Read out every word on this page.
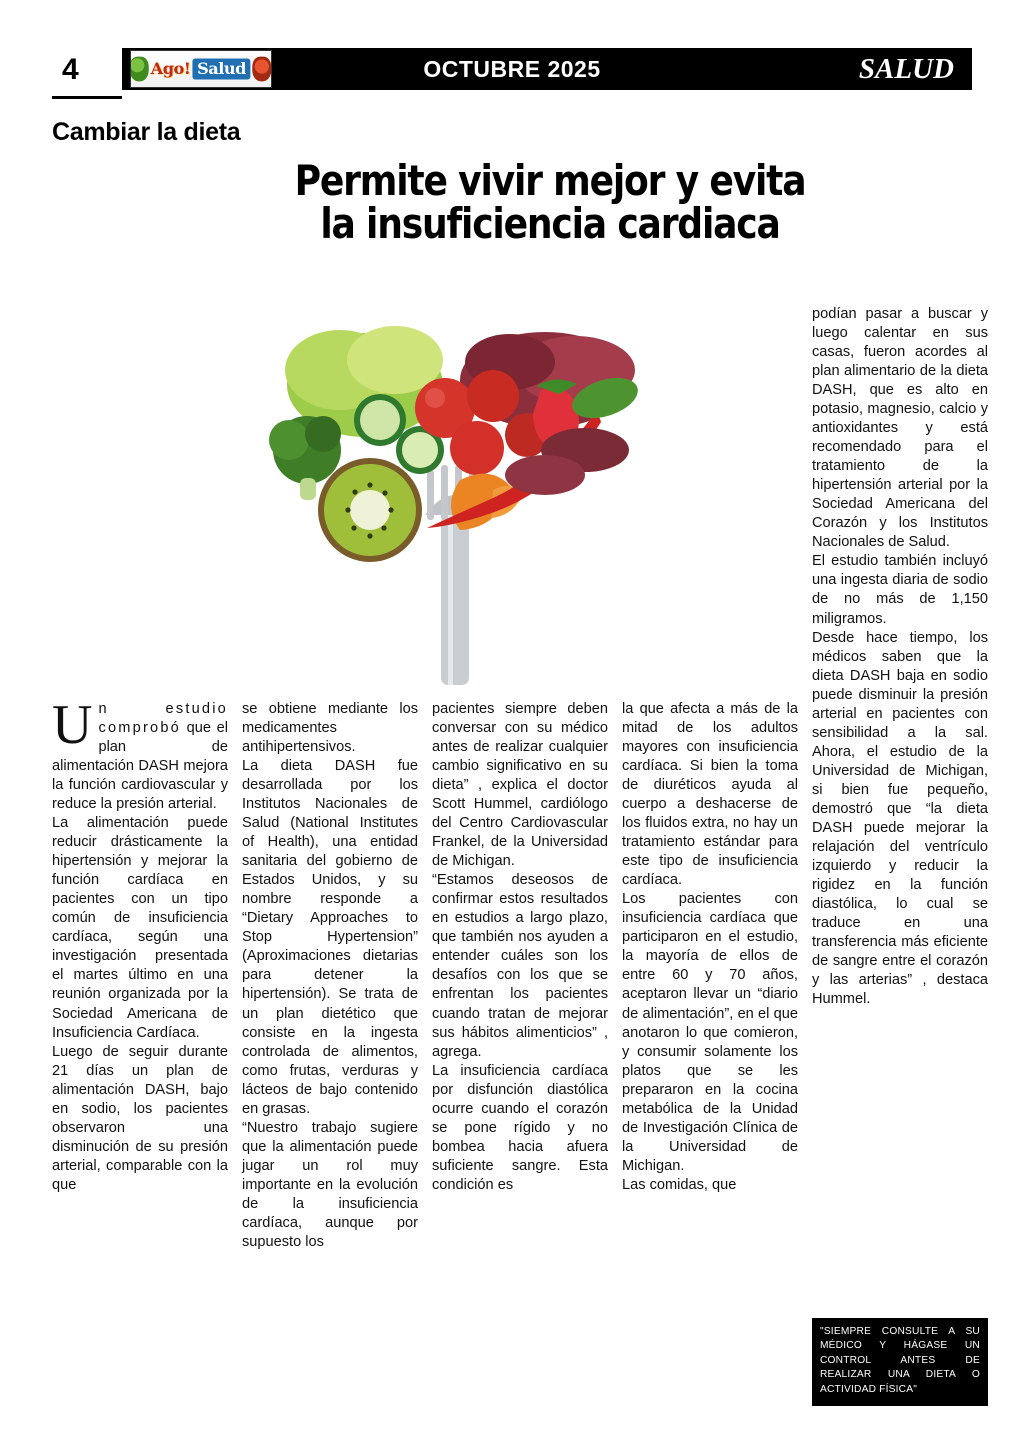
OCTUBRE 2025	SALUD
4	Ago! Salud
Cambiar la dieta
Permite vivir mejor y evita
la insuficiencia cardiaca
Un estudio comprobó que el plan de alimentación DASH mejora la función cardiovascular y reduce la presión arterial.
La alimentación puede reducir drásticamente la hipertensión y mejorar la función cardíaca en pacientes con un tipo común de insuficiencia cardíaca, según una investigación presentada el martes último en una reunión organizada por la Sociedad Americana de Insuficiencia Cardíaca.
Luego de seguir durante 21 días un plan de alimentación DASH, bajo en sodio, los pacientes observaron una disminución de su presión arterial, comparable con la que

se obtiene mediante los medicamentes antihipertensivos.

La dieta DASH fue desarrollada por los Institutos Nacionales de Salud (National Institutes of Health), una entidad sanitaria del gobierno de Estados Unidos, y su nombre responde a “Dietary Approaches to Stop Hypertension” (Aproximaciones dietarias para detener la hipertensión). Se trata de un plan dietético que consiste en la ingesta controlada de alimentos, como frutas, verduras y lácteos de bajo contenido en grasas.

“Nuestro trabajo sugiere que la alimentación puede jugar un rol muy importante en la evolución de la insuficiencia cardíaca, aunque por supuesto los

pacientes siempre deben conversar con su médico antes de realizar cualquier cambio significativo en su dieta” , explica el doctor Scott Hummel, cardiólogo del Centro Cardiovascular Frankel, de la Universidad de Michigan.

“Estamos deseosos de confirmar estos resultados en estudios a largo plazo, que también nos ayuden a entender cuáles son los desafíos con los que se enfrentan los pacientes cuando tratan de mejorar sus hábitos alimenticios” , agrega.

La insuficiencia cardíaca por disfunción diastólica ocurre cuando el corazón se pone rígido y no bombea hacia afuera suficiente sangre. Esta condición es

la que afecta a más de la mitad de los adultos mayores con insuficiencia cardíaca. Si bien la toma de diuréticos ayuda al cuerpo a deshacerse de los fluidos extra, no hay un tratamiento estándar para este tipo de insuficiencia cardíaca.

Los pacientes con insuficiencia cardíaca que participaron en el estudio, la mayoría de ellos de entre 60 y 70 años, aceptaron llevar un “diario de alimentación”, en el que anotaron lo que comieron, y consumir solamente los platos que se les prepararon en la cocina metabólica de la Unidad de Investigación Clínica de la Universidad de Michigan.

Las comidas, que

podían pasar a buscar y luego calentar en sus casas, fueron acordes al plan alimentario de la dieta DASH, que es alto en potasio, magnesio, calcio y antioxidantes y está recomendado para el tratamiento de la hipertensión arterial por la Sociedad Americana del Corazón y los Institutos Nacionales de Salud.

El estudio también incluyó una ingesta diaria de sodio de no más de 1,150 miligramos.

Desde hace tiempo, los médicos saben que la dieta DASH baja en sodio puede disminuir la presión arterial en pacientes con sensibilidad a la sal. Ahora, el estudio de la Universidad de Michigan, si bien fue pequeño, demostró que “la dieta DASH puede mejorar la relajación del ventrículo izquierdo y reducir la rigidez en la función diastólica, lo cual se traduce en una transferencia más eficiente de sangre entre el corazón y las arterias” , destaca Hummel.

"SIEMPRE CONSULTE A SU MÉDICO Y HÁGASE UN CONTROL ANTES DE REALIZAR UNA DIETA O ACTIVIDAD FÍSICA"
